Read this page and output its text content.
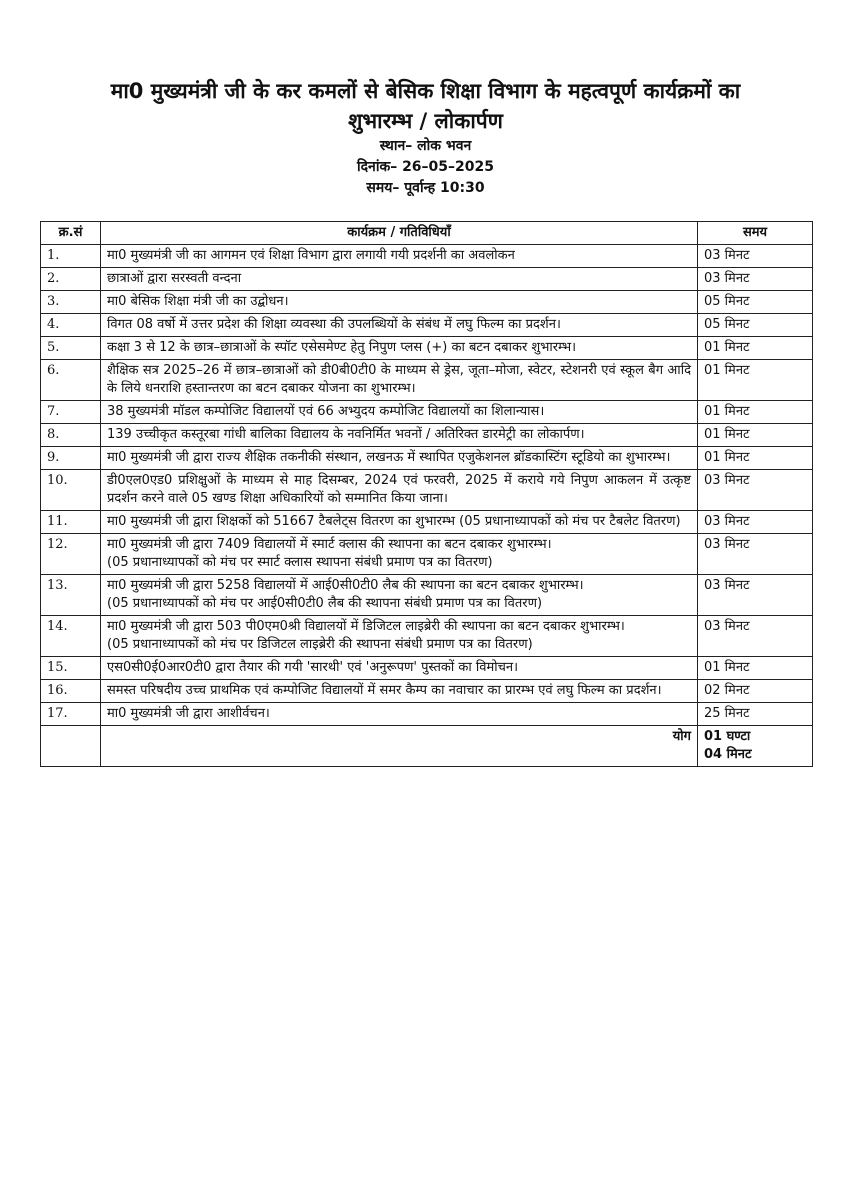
मा0 मुख्यमंत्री जी के कर कमलों से बेसिक शिक्षा विभाग के महत्वपूर्ण कार्यक्रमों का
शुभारम्भ / लोकार्पण
स्थान– लोक भवन
दिनांक– 26–05–2025
समय– पूर्वान्ह 10:30
क्र.सं	कार्यक्रम / गतिविधियाँ	समय
1.	मा0 मुख्यमंत्री जी का आगमन एवं शिक्षा विभाग द्वारा लगायी गयी प्रदर्शनी का अवलोकन	03 मिनट
2.	छात्राओं द्वारा सरस्वती वन्दना	03 मिनट
3.	मा0 बेसिक शिक्षा मंत्री जी का उद्बोधन।	05 मिनट
4.	विगत 08 वर्षो में उत्तर प्रदेश की शिक्षा व्यवस्था की उपलब्धियों के संबंध में लघु फिल्म का प्रदर्शन।	05 मिनट
5.	कक्षा 3 से 12 के छात्र–छात्राओं के स्पॉट एसेसमेण्ट हेतु निपुण प्लस (+) का बटन दबाकर शुभारम्भ।	01 मिनट
6.	शैक्षिक सत्र 2025–26 में छात्र–छात्राओं को डी0बी0टी0 के माध्यम से ड्रेस, जूता–मोजा, स्वेटर, स्टेशनरी एवं स्कूल बैग आदि के लिये धनराशि हस्तान्तरण का बटन दबाकर योजना का शुभारम्भ।	01 मिनट
7.	38 मुख्यमंत्री मॉडल कम्पोजिट विद्यालयों एवं 66 अभ्युदय कम्पोजिट विद्यालयों का शिलान्यास।	01 मिनट
8.	139 उच्चीकृत कस्तूरबा गांधी बालिका विद्यालय के नवनिर्मित भवनों / अतिरिक्त डारमेट्री का लोकार्पण।	01 मिनट
9.	मा0 मुख्यमंत्री जी द्वारा राज्य शैक्षिक तकनीकी संस्थान, लखनऊ में स्थापित एजुकेशनल ब्रॉडकास्टिंग स्टूडियो का शुभारम्भ।	01 मिनट
10.	डी0एल0एड0 प्रशिक्षुओं के माध्यम से माह दिसम्बर, 2024 एवं फरवरी, 2025 में कराये गये निपुण आकलन में उत्कृष्ट प्रदर्शन करने वाले 05 खण्ड शिक्षा अधिकारियों को सम्मानित किया जाना।	03 मिनट
11.	मा0 मुख्यमंत्री जी द्वारा शिक्षकों को 51667 टैबलेट्स वितरण का शुभारम्भ (05 प्रधानाध्यापकों को मंच पर टैबलेट वितरण)	03 मिनट
12.	मा0 मुख्यमंत्री जी द्वारा 7409 विद्यालयों में स्मार्ट क्लास की स्थापना का बटन दबाकर शुभारम्भ।
(05 प्रधानाध्यापकों को मंच पर स्मार्ट क्लास स्थापना संबंधी प्रमाण पत्र का वितरण)	03 मिनट
13.	मा0 मुख्यमंत्री जी द्वारा 5258 विद्यालयों में आई0सी0टी0 लैब की स्थापना का बटन दबाकर शुभारम्भ।
(05 प्रधानाध्यापकों को मंच पर आई0सी0टी0 लैब की स्थापना संबंधी प्रमाण पत्र का वितरण)	03 मिनट
14.	मा0 मुख्यमंत्री जी द्वारा 503 पी0एम0श्री विद्यालयों में डिजिटल लाइब्रेरी की स्थापना का बटन दबाकर शुभारम्भ।
(05 प्रधानाध्यापकों को मंच पर डिजिटल लाइब्रेरी की स्थापना संबंधी प्रमाण पत्र का वितरण)	03 मिनट
15.	एस0सी0ई0आर0टी0 द्वारा तैयार की गयी 'सारथी' एवं 'अनुरूपण' पुस्तकों का विमोचन।	01 मिनट
16.	समस्त परिषदीय उच्च प्राथमिक एवं कम्पोजिट विद्यालयों में समर कैम्प का नवाचार का प्रारम्भ एवं लघु फिल्म का प्रदर्शन।	02 मिनट
17.	मा0 मुख्यमंत्री जी द्वारा आशीर्वचन।	25 मिनट
	योग	01 घण्टा
04 मिनट
